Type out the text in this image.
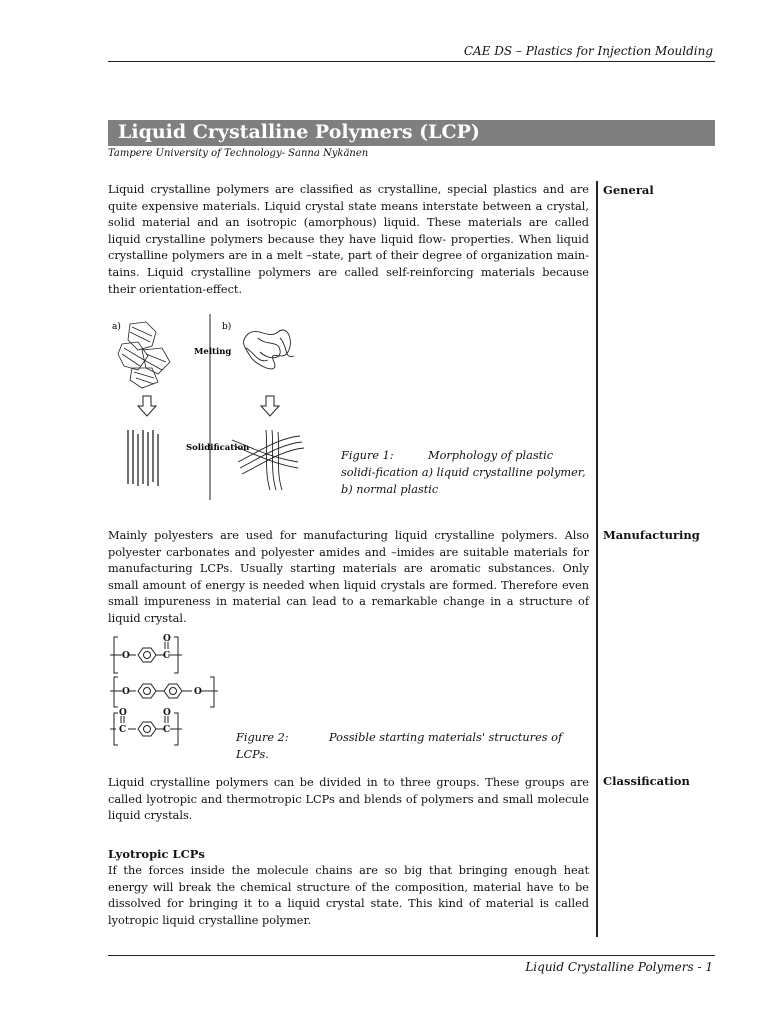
CAE DS – Plastics for Injection Moulding
Liquid Crystalline Polymers (LCP)
Tampere University of Technology- Sanna Nykänen
Liquid crystalline polymers are classified as crystalline, special plastics and are quite expensive materials. Liquid crystal state means interstate between a crystal, solid material and an isotropic (amorphous) liquid. These materials are called liquid crystalline polymers because they have liquid flow- properties. When liquid crystalline polymers are in a melt –state, part of their degree of organization main-tains. Liquid crystalline polymers are called self-reinforcing materials because their orientation-effect.
General
a)	b)
Melting
Solidification
Figure 1:	Morphology of plastic solidi-fication a) liquid crystalline polymer, b) normal plastic
Mainly polyesters are used for manufacturing liquid crystalline polymers. Also polyester carbonates and polyester amides and –imides are suitable materials for manufacturing LCPs. Usually starting materials are aromatic substances. Only small amount of energy is needed when liquid crystals are formed. Therefore even small impureness in material can lead to a remarkable change in a structure of liquid crystal.
Manufacturing
O
O
C
O	O
O
C
O
C
Figure 2:	Possible starting materials' structures of LCPs.
Liquid crystalline polymers can be divided in to three groups. These groups are called lyotropic and thermotropic LCPs and blends of polymers and small molecule liquid crystals.
Classification
Lyotropic LCPs
If the forces inside the molecule chains are so big that bringing enough heat energy will break the chemical structure of the composition, material have to be dissolved for bringing it to a liquid crystal state. This kind of material is called lyotropic liquid crystalline polymer.
Liquid Crystalline Polymers - 1
